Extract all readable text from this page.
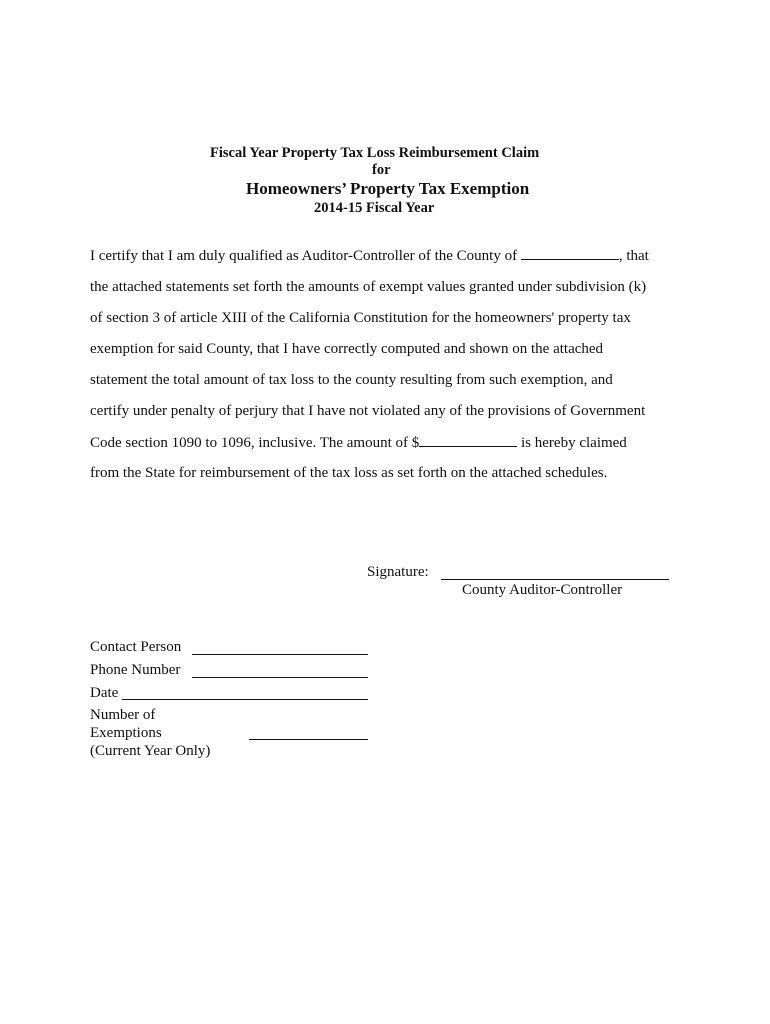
Fiscal Year Property Tax Loss Reimbursement Claim
for
Homeowners’ Property Tax Exemption
2014-15 Fiscal Year
I certify that I am duly qualified as Auditor-Controller of the County of	, that
the attached statements set forth the amounts of exempt values granted under subdivision (k)
of section 3 of article XIII of the California Constitution for the homeowners' property tax
exemption for said County, that I have correctly computed and shown on the attached
statement the total amount of tax loss to the county resulting from such exemption, and
certify under penalty of perjury that I have not violated any of the provisions of Government
Code section 1090 to 1096, inclusive. The amount of $	is hereby claimed
from the State for reimbursement of the tax loss as set forth on the attached schedules.
Signature:
County Auditor-Controller
Contact Person
Phone Number
Date
Number of
Exemptions
(Current Year Only)
